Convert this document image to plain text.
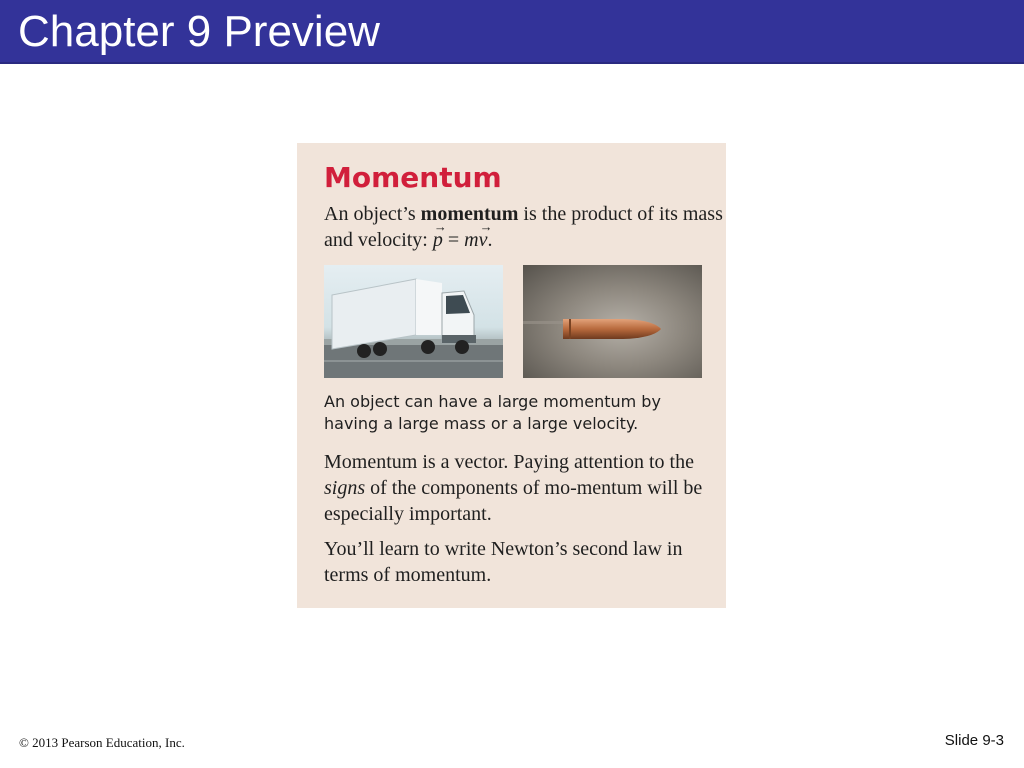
Chapter 9 Preview
Momentum
An object’s momentum is the product of its mass and velocity: → p = m→ v.
An object can have a large momentum by having a large mass or a large velocity.
Momentum is a vector. Paying attention to the signs of the components of mo-mentum will be especially important.
You’ll learn to write Newton’s second law in terms of momentum.
© 2013 Pearson Education, Inc.	Slide 9-3
